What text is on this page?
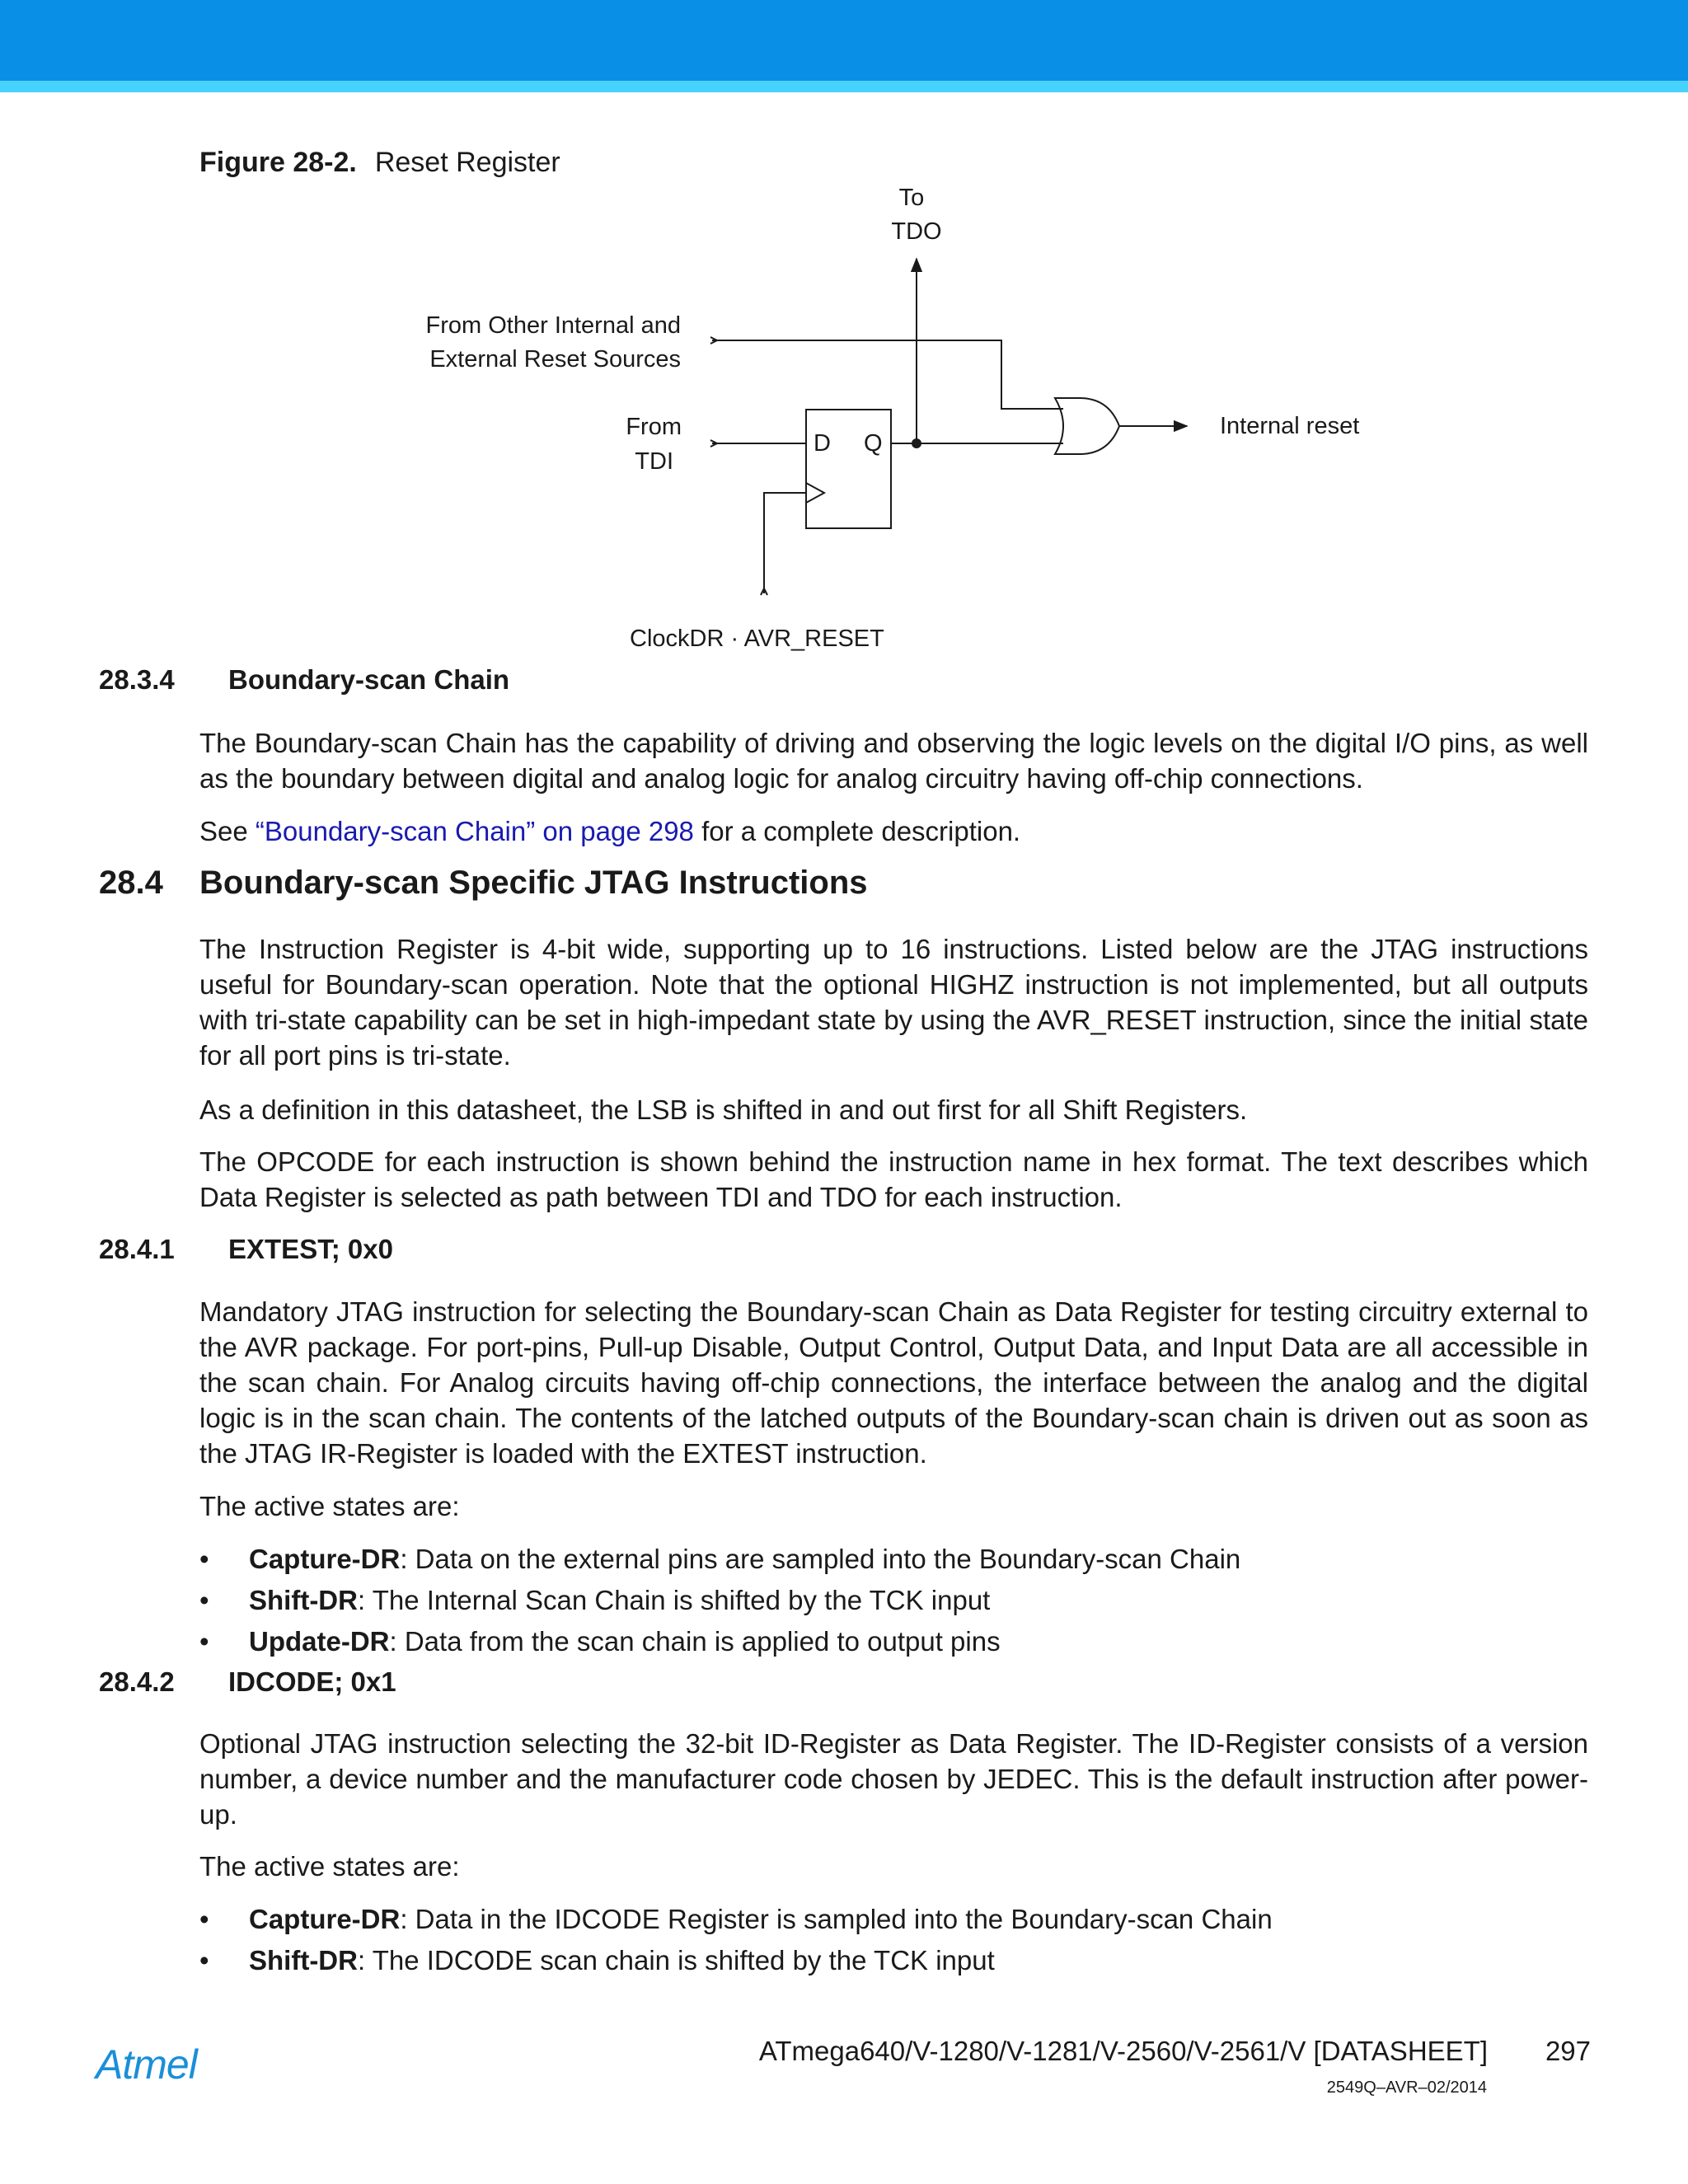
Figure 28-2. Reset Register
To
TDO
From Other Internal and
External Reset Sources
From
TDI
D Q
Internal reset
ClockDR · AVR_RESET
28.3.4 Boundary-scan Chain
The Boundary-scan Chain has the capability of driving and observing the logic levels on the digital I/O pins, as well as the boundary between digital and analog logic for analog circuitry having off-chip connections.
See “Boundary-scan Chain” on page 298 for a complete description.
28.4 Boundary-scan Specific JTAG Instructions
The Instruction Register is 4-bit wide, supporting up to 16 instructions. Listed below are the JTAG instructions useful for Boundary-scan operation. Note that the optional HIGHZ instruction is not implemented, but all outputs with tri-state capability can be set in high-impedant state by using the AVR_RESET instruction, since the initial state for all port pins is tri-state.
As a definition in this datasheet, the LSB is shifted in and out first for all Shift Registers.
The OPCODE for each instruction is shown behind the instruction name in hex format. The text describes which Data Register is selected as path between TDI and TDO for each instruction.
28.4.1 EXTEST; 0x0
Mandatory JTAG instruction for selecting the Boundary-scan Chain as Data Register for testing circuitry external to the AVR package. For port-pins, Pull-up Disable, Output Control, Output Data, and Input Data are all accessible in the scan chain. For Analog circuits having off-chip connections, the interface between the analog and the digital logic is in the scan chain. The contents of the latched outputs of the Boundary-scan chain is driven out as soon as the JTAG IR-Register is loaded with the EXTEST instruction.
The active states are:
• Capture-DR: Data on the external pins are sampled into the Boundary-scan Chain
• Shift-DR: The Internal Scan Chain is shifted by the TCK input
• Update-DR: Data from the scan chain is applied to output pins
28.4.2 IDCODE; 0x1
Optional JTAG instruction selecting the 32-bit ID-Register as Data Register. The ID-Register consists of a version number, a device number and the manufacturer code chosen by JEDEC. This is the default instruction after power-up.
The active states are:
• Capture-DR: Data in the IDCODE Register is sampled into the Boundary-scan Chain
• Shift-DR: The IDCODE scan chain is shifted by the TCK input
Atmel	ATmega640/V-1280/V-1281/V-2560/V-2561/V [DATASHEET] 297
2549Q–AVR–02/2014
